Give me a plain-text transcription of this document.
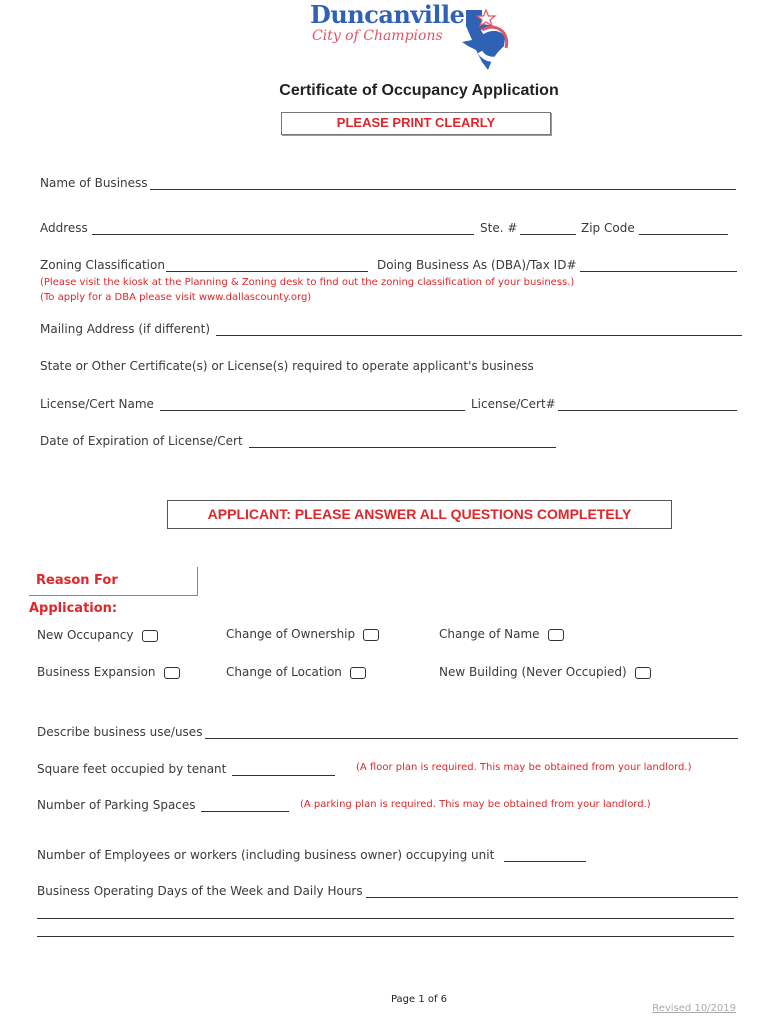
Duncanville
City of Champions
Certificate of Occupancy Application
PLEASE PRINT CLEARLY
Name of Business
Address	Ste. #	Zip Code
Zoning Classification	Doing Business As (DBA)/Tax ID#
(Please visit the kiosk at the Planning & Zoning desk to find out the zoning classification of your business.)
(To apply for a DBA please visit www.dallascounty.org)
Mailing Address (if different)
State or Other Certificate(s) or License(s) required to operate applicant's business
License/Cert Name	License/Cert#
Date of Expiration of License/Cert
APPLICANT: PLEASE ANSWER ALL QUESTIONS COMPLETELY
Reason For Application:
New Occupancy	Change of Ownership	Change of Name
Business Expansion	Change of Location	New Building (Never Occupied)
Describe business use/uses
Square feet occupied by tenant	(A floor plan is required. This may be obtained from your landlord.)
Number of Parking Spaces	(A parking plan is required. This may be obtained from your landlord.)
Number of Employees or workers (including business owner) occupying unit
Business Operating Days of the Week and Daily Hours
Page 1 of 6
Revised 10/2019
